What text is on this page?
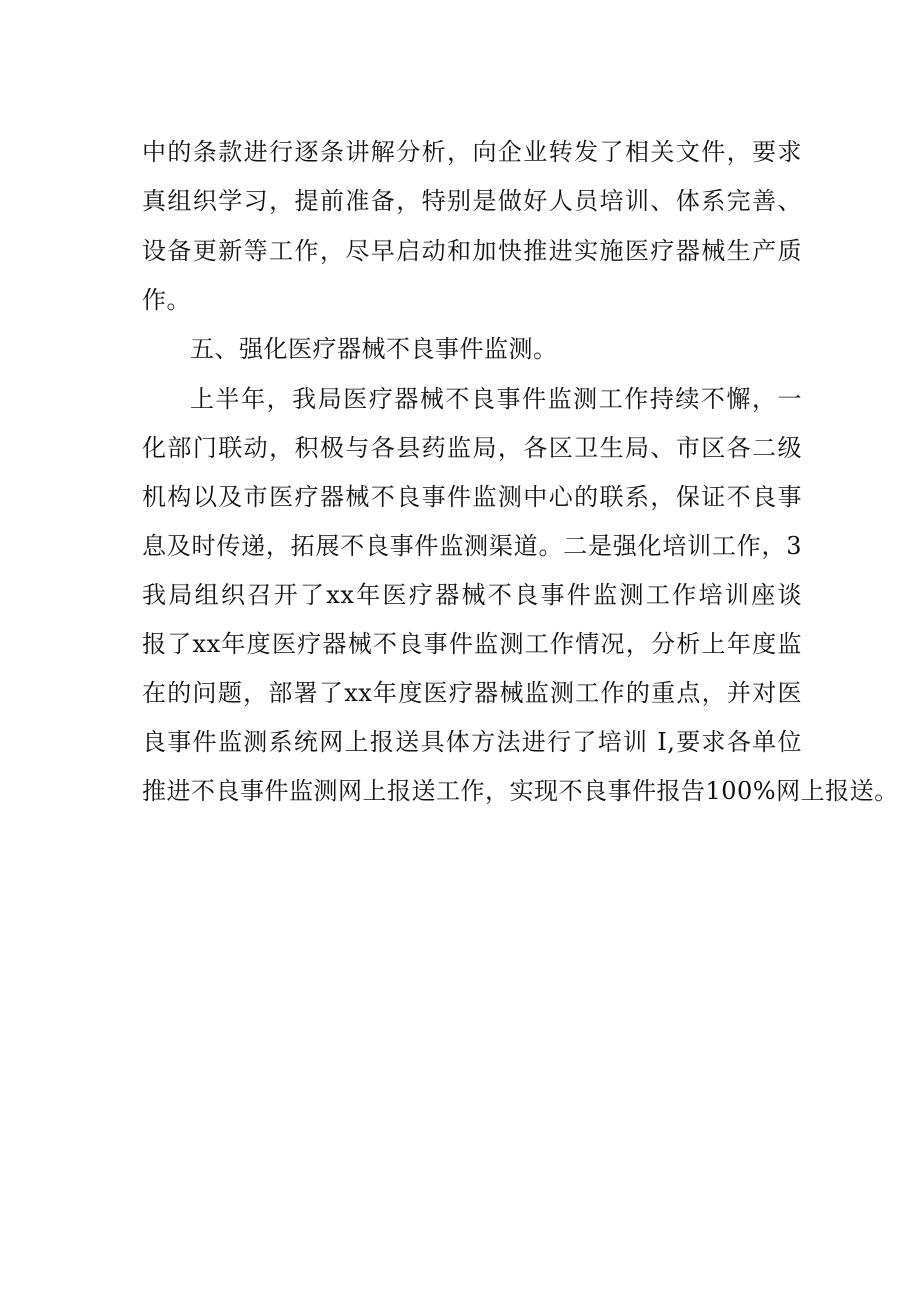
中的条款进行逐条讲解分析，向企业转发了相关文件，要求
真组织学习，提前准备，特别是做好人员培训、体系完善、
设备更新等工作，尽早启动和加快推进实施医疗器械生产质
作。
五、强化医疗器械不良事件监测。
上半年，我局医疗器械不良事件监测工作持续不懈，一
化部门联动，积极与各县药监局，各区卫生局、市区各二级
机构以及市医疗器械不良事件监测中心的联系，保证不良事
息及时传递，拓展不良事件监测渠道。二是强化培训工作，3
我局组织召开了xx年医疗器械不良事件监测工作培训座谈
报了xx年度医疗器械不良事件监测工作情况，分析上年度监
在的问题，部署了xx年度医疗器械监测工作的重点，并对医
良事件监测系统网上报送具体方法进行了培训 I,要求各单位
推进不良事件监测网上报送工作，实现不良事件报告100%网上报送。
